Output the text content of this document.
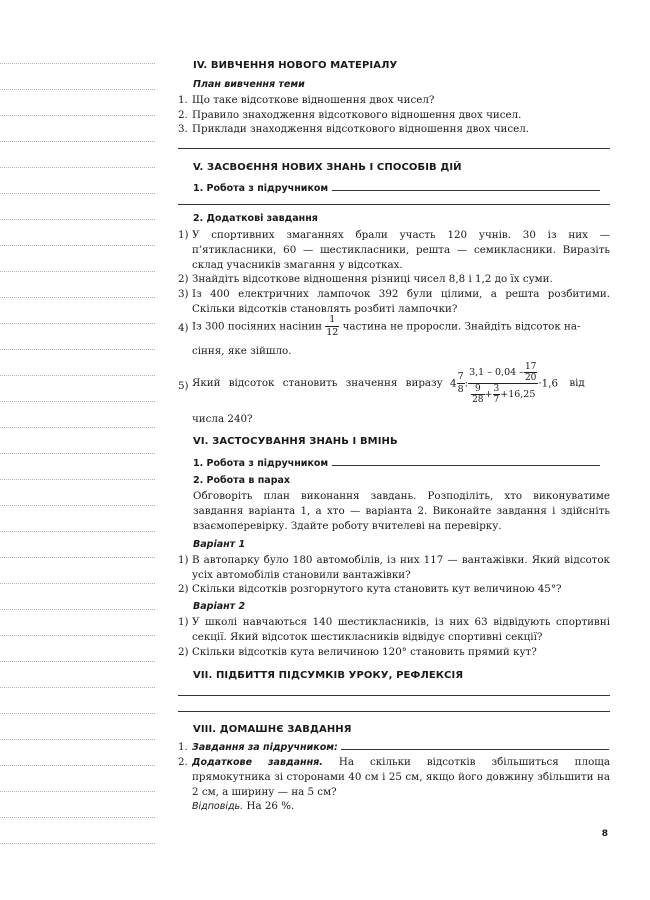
IV. ВИВЧЕННЯ НОВОГО МАТЕРІАЛУ
План вивчення теми
1. Що таке відсоткове відношення двох чисел?
2. Правило знаходження відсоткового відношення двох чисел.
3. Приклади знаходження відсоткового відношення двох чисел.
V. ЗАСВОЄННЯ НОВИХ ЗНАНЬ І СПОСОБІВ ДІЙ
1. Робота з підручником
2. Додаткові завдання
1) У спортивних змаганнях брали участь 120 учнів. 30 із них — п’ятикласники, 60 — шестикласники, решта — семикласники. Виразіть склад учасників змагання у відсотках.
2) Знайдіть відсоткове відношення різниці чисел 8,8 і 1,2 до їх суми.
3) Із 400 електричних лампочок 392 були цілими, а решта розбитими. Скільки відсотків становлять розбиті лампочки?
4) Із 300 посіяних насінин $\frac{1}{12}$ частина не проросли. Знайдіть відсоток на-
сіння, яке зійшло.
5) Який відсоток становить значення виразу $4 \frac{7}{8}$ : $\frac{3,1 - 0,04 - \frac{17}{20}}{\frac{9}{28} + \frac{3}{7} +16,25} \cdot 1,6$ від
числа 240?
VI. ЗАСТОСУВАННЯ ЗНАНЬ І ВМІНЬ
1. Робота з підручником
2. Робота в парах
Обговоріть план виконання завдань. Розподіліть, хто виконуватиме завдання варіанта 1, а хто — варіанта 2. Виконайте завдання і здійсніть взаємоперевірку. Здайте роботу вчителеві на перевірку.
Варіант 1
1) В автопарку було 180 автомобілів, із них 117 — вантажівки. Який відсоток усіх автомобілів становили вантажівки?
2) Скільки відсотків розгорнутого кута становить кут величиною 45°?
Варіант 2
1) У школі навчаються 140 шестикласників, із них 63 відвідують спортивні секції. Який відсоток шестикласників відвідує спортивні секції?
2) Скільки відсотків кута величиною 120° становить прямий кут?
VII. ПІДБИТТЯ ПІДСУМКІВ УРОКУ, РЕФЛЕКСІЯ
VIII. ДОМАШНЄ ЗАВДАННЯ
1. Завдання за підручником:
2. Додаткове завдання. На скільки відсотків збільшиться площа прямокутника зі сторонами 40 см і 25 см, якщо його довжину збільшити на 2 см, а ширину — на 5 см?
Відповідь. На 26 %.
8
